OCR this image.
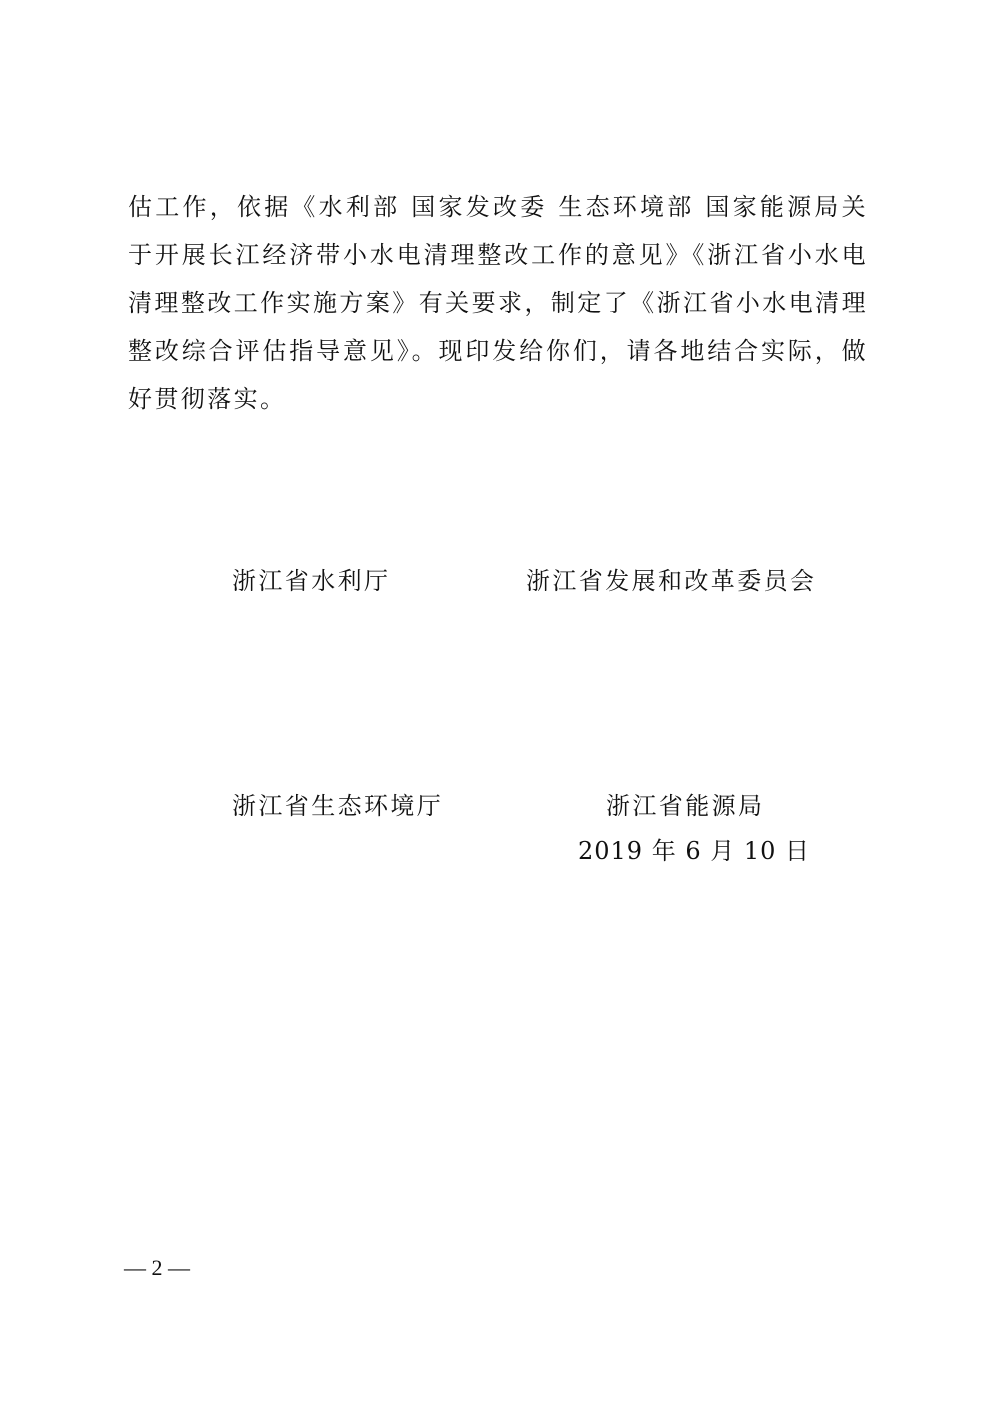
估工作，依据《水利部 国家发改委 生态环境部 国家能源局关于开展长江经济带小水电清理整改工作的意见》《浙江省小水电清理整改工作实施方案》有关要求，制定了《浙江省小水电清理整改综合评估指导意见》。现印发给你们，请各地结合实际，做好贯彻落实。

浙江省水利厅	浙江省发展和改革委员会
浙江省生态环境厅	浙江省能源局
2019 年 6 月 10 日
— 2 —
